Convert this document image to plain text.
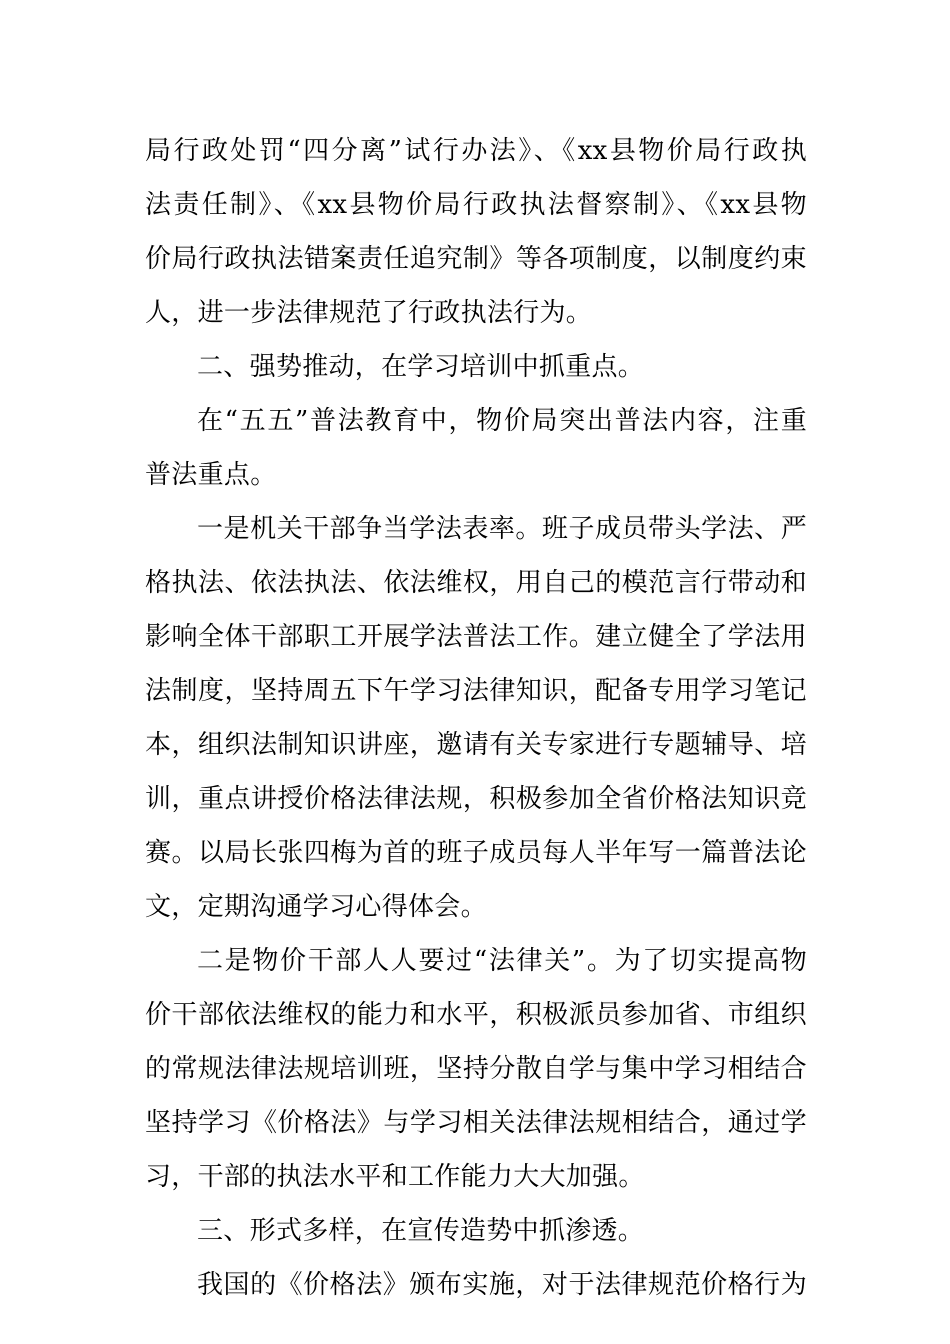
局行政处罚“四分离”试行办法》、《xx县物价局行政执
法责任制》、《xx县物价局行政执法督察制》、《xx县物
价局行政执法错案责任追究制》等各项制度，以制度约束
人，进一步法律规范了行政执法行为。
二、强势推动，在学习培训中抓重点。
在“五五”普法教育中，物价局突出普法内容，注重
普法重点。
一是机关干部争当学法表率。班子成员带头学法、严
格执法、依法执法、依法维权，用自己的模范言行带动和
影响全体干部职工开展学法普法工作。建立健全了学法用
法制度，坚持周五下午学习法律知识，配备专用学习笔记
本，组织法制知识讲座，邀请有关专家进行专题辅导、培
训，重点讲授价格法律法规，积极参加全省价格法知识竞
赛。以局长张四梅为首的班子成员每人半年写一篇普法论
文，定期沟通学习心得体会。
二是物价干部人人要过“法律关”。为了切实提高物
价干部依法维权的能力和水平，积极派员参加省、市组织
的常规法律法规培训班，坚持分散自学与集中学习相结合
坚持学习《价格法》与学习相关法律法规相结合，通过学
习，干部的执法水平和工作能力大大加强。
三、形式多样，在宣传造势中抓渗透。
我国的《价格法》颁布实施，对于法律规范价格行为
